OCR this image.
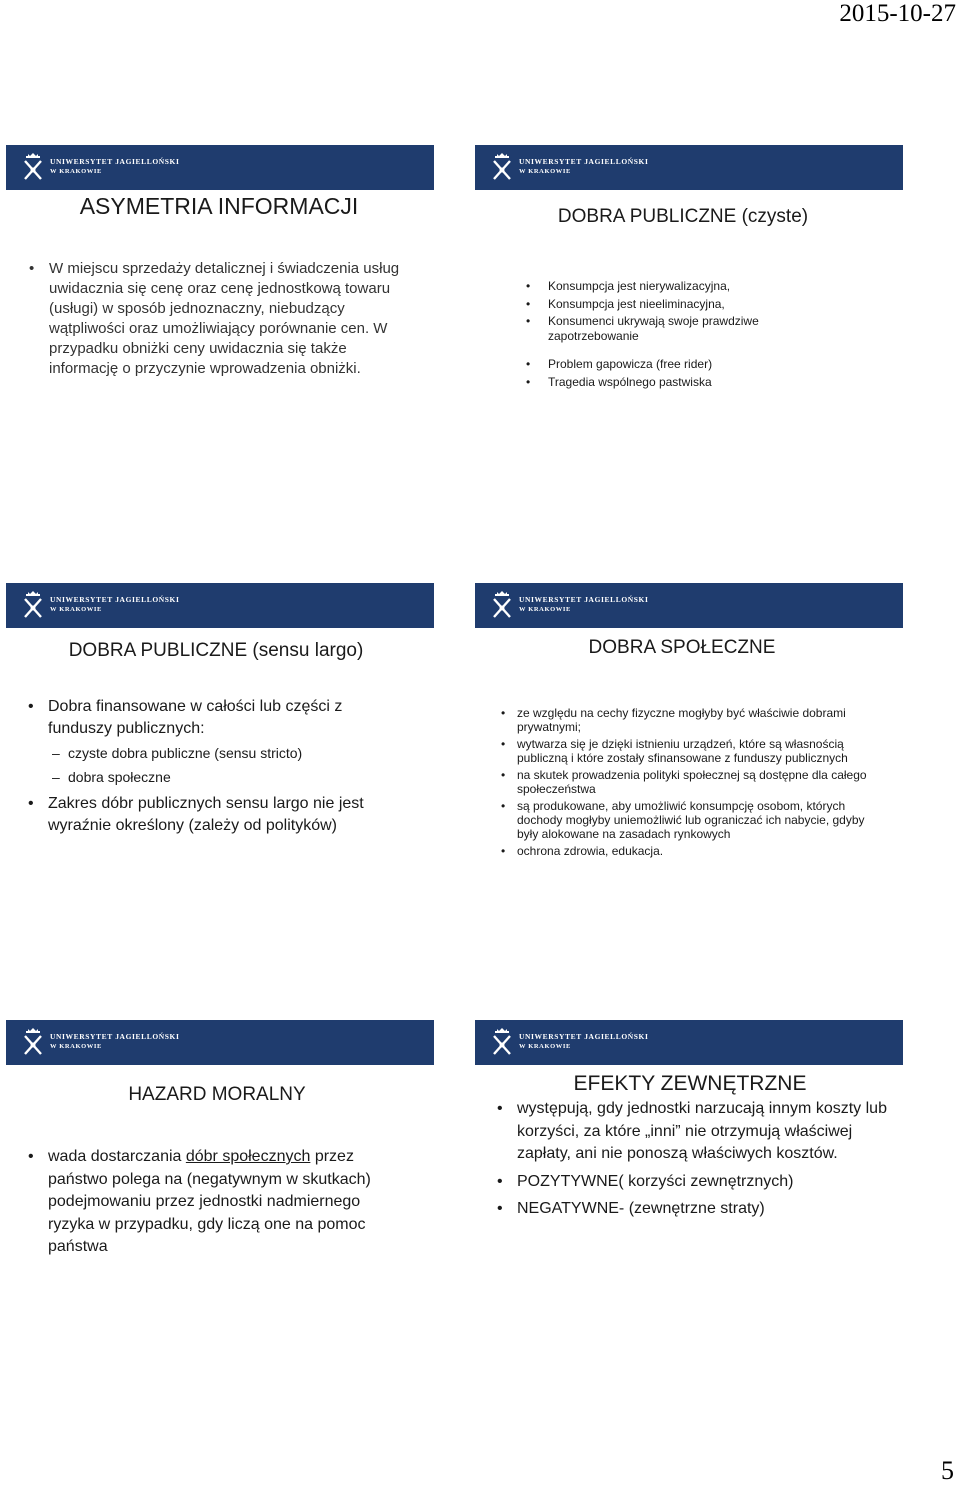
2015-10-27
UNIWERSYTET JAGIELLOŃSKI
W KRAKOWIE
ASYMETRIA INFORMACJI
• W miejscu sprzedaży detalicznej i świadczenia usług uwidacznia się cenę oraz cenę jednostkową towaru (usługi) w sposób jednoznaczny, niebudzący wątpliwości oraz umożliwiający porównanie cen. W przypadku obniżki ceny uwidacznia się także informację o przyczynie wprowadzenia obniżki.
UNIWERSYTET JAGIELLOŃSKI
W KRAKOWIE
DOBRA PUBLICZNE (czyste)
• Konsumpcja jest nierywalizacyjna,
• Konsumpcja jest nieeliminacyjna,
• Konsumenci ukrywają swoje prawdziwe zapotrzebowanie
• Problem gapowicza (free rider)
• Tragedia wspólnego pastwiska
UNIWERSYTET JAGIELLOŃSKI
W KRAKOWIE
DOBRA PUBLICZNE (sensu largo)
• Dobra finansowane w całości lub części z funduszy publicznych:
– czyste dobra publiczne (sensu stricto)
– dobra społeczne
• Zakres dóbr publicznych sensu largo nie jest wyraźnie określony (zależy od polityków)
UNIWERSYTET JAGIELLOŃSKI
W KRAKOWIE
DOBRA SPOŁECZNE
• ze względu na cechy fizyczne mogłyby być właściwie dobrami prywatnymi;
• wytwarza się je dzięki istnieniu urządzeń, które są własnością publiczną i które zostały sfinansowane z funduszy publicznych
• na skutek prowadzenia polityki społecznej są dostępne dla całego społeczeństwa
• są produkowane, aby umożliwić konsumpcję osobom, których dochody mogłyby uniemożliwić lub ograniczać ich nabycie, gdyby były alokowane na zasadach rynkowych
• ochrona zdrowia, edukacja.
UNIWERSYTET JAGIELLOŃSKI
W KRAKOWIE
HAZARD MORALNY
• wada dostarczania dóbr społecznych przez państwo polega na (negatywnym w skutkach) podejmowaniu przez jednostki nadmiernego ryzyka w przypadku, gdy liczą one na pomoc państwa
UNIWERSYTET JAGIELLOŃSKI
W KRAKOWIE
EFEKTY ZEWNĘTRZNE
• występują, gdy jednostki narzucają innym koszty lub korzyści, za które „inni” nie otrzymują właściwej zapłaty, ani nie ponoszą właściwych kosztów.
• POZYTYWNE( korzyści zewnętrznych)
• NEGATYWNE- (zewnętrzne straty)
5
